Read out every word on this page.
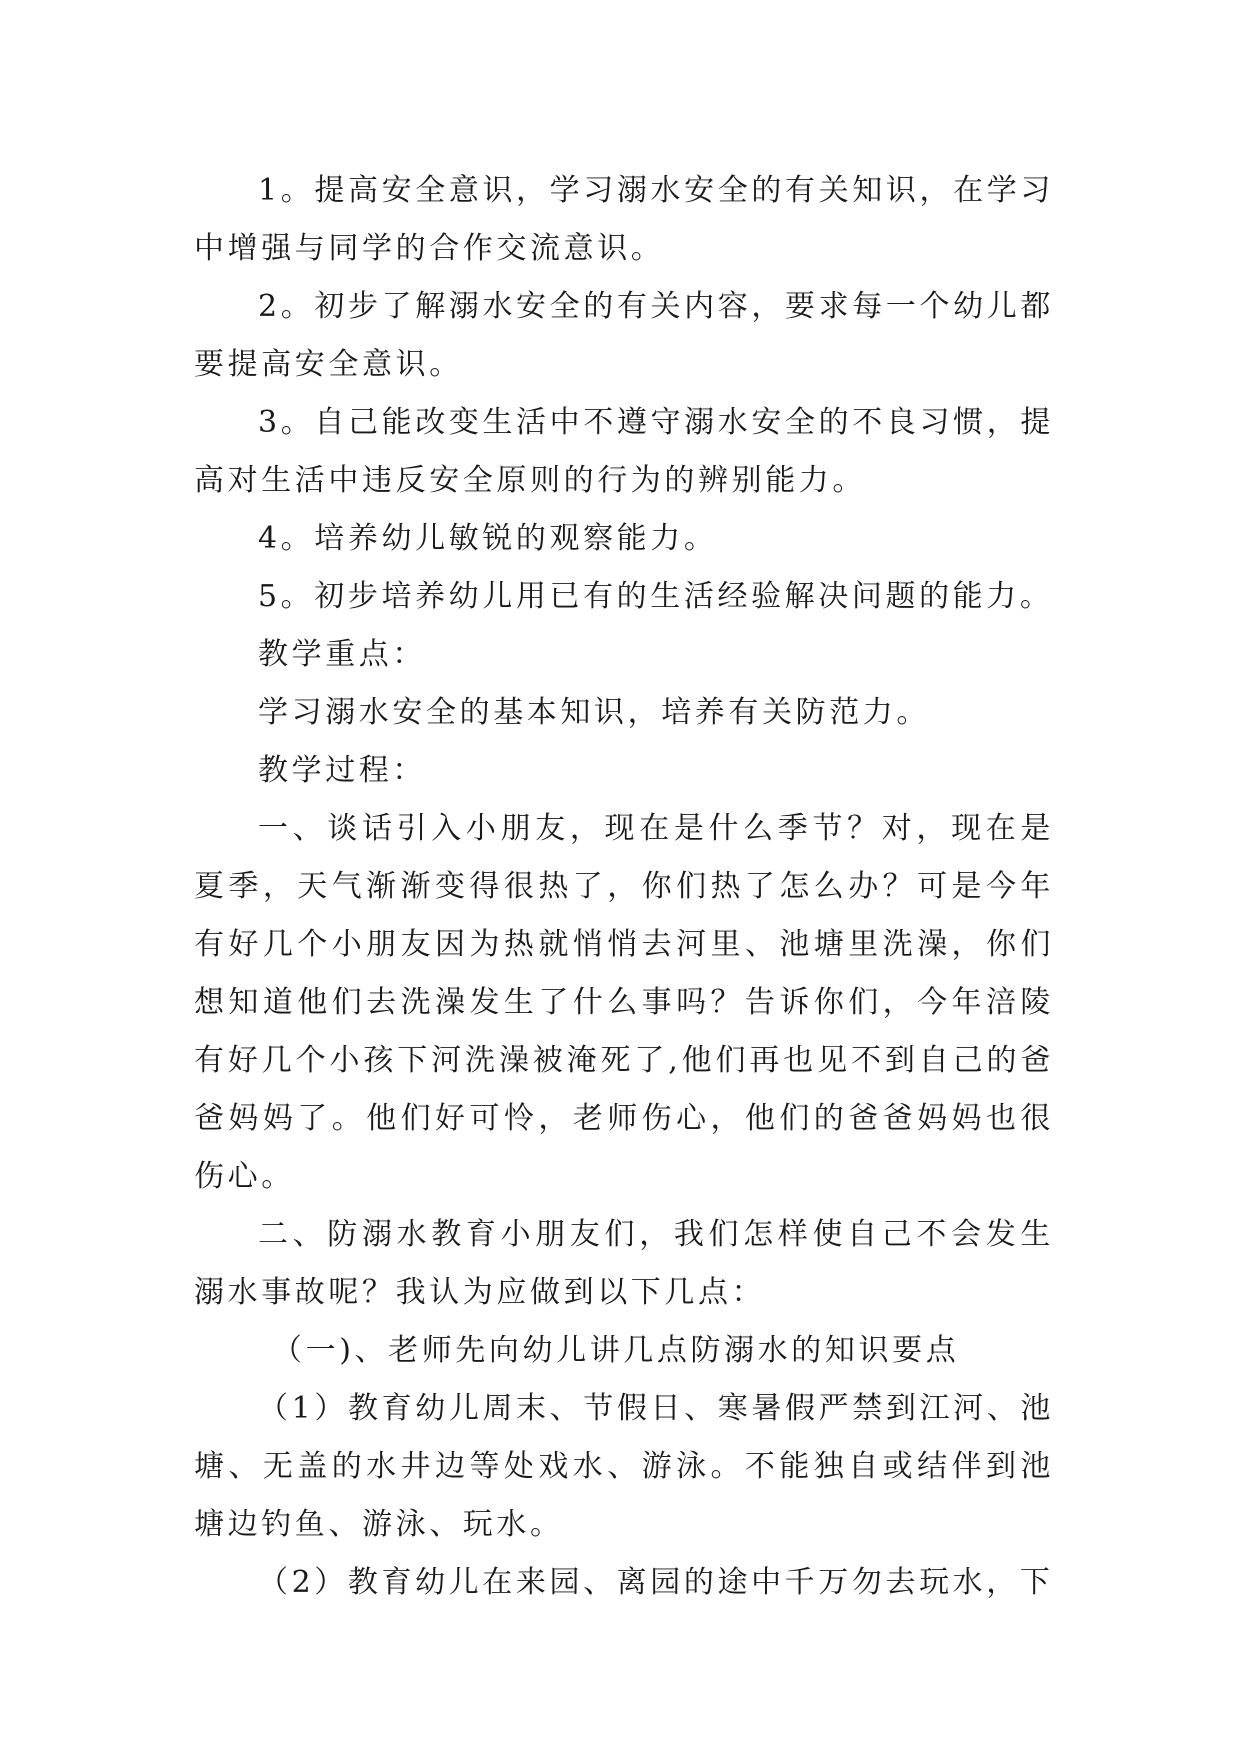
1。提高安全意识，学习溺水安全的有关知识，在学习中增强与同学的合作交流意识。

2。初步了解溺水安全的有关内容，要求每一个幼儿都要提高安全意识。

3。自己能改变生活中不遵守溺水安全的不良习惯，提高对生活中违反安全原则的行为的辨别能力。

4。培养幼儿敏锐的观察能力。

5。初步培养幼儿用已有的生活经验解决问题的能力。

教学重点：

学习溺水安全的基本知识，培养有关防范力。

教学过程：

一、谈话引入小朋友，现在是什么季节？对，现在是夏季，天气渐渐变得很热了，你们热了怎么办？可是今年有好几个小朋友因为热就悄悄去河里、池塘里洗澡，你们想知道他们去洗澡发生了什么事吗？告诉你们，今年涪陵有好几个小孩下河洗澡被淹死了,他们再也见不到自己的爸爸妈妈了。他们好可怜，老师伤心，他们的爸爸妈妈也很伤心。

二、防溺水教育小朋友们，我们怎样使自己不会发生溺水事故呢？我认为应做到以下几点：

（一)、老师先向幼儿讲几点防溺水的知识要点

（1）教育幼儿周末、节假日、寒暑假严禁到江河、池塘、无盖的水井边等处戏水、游泳。不能独自或结伴到池塘边钓鱼、游泳、玩水。

（2）教育幼儿在来园、离园的途中千万勿去玩水，下
